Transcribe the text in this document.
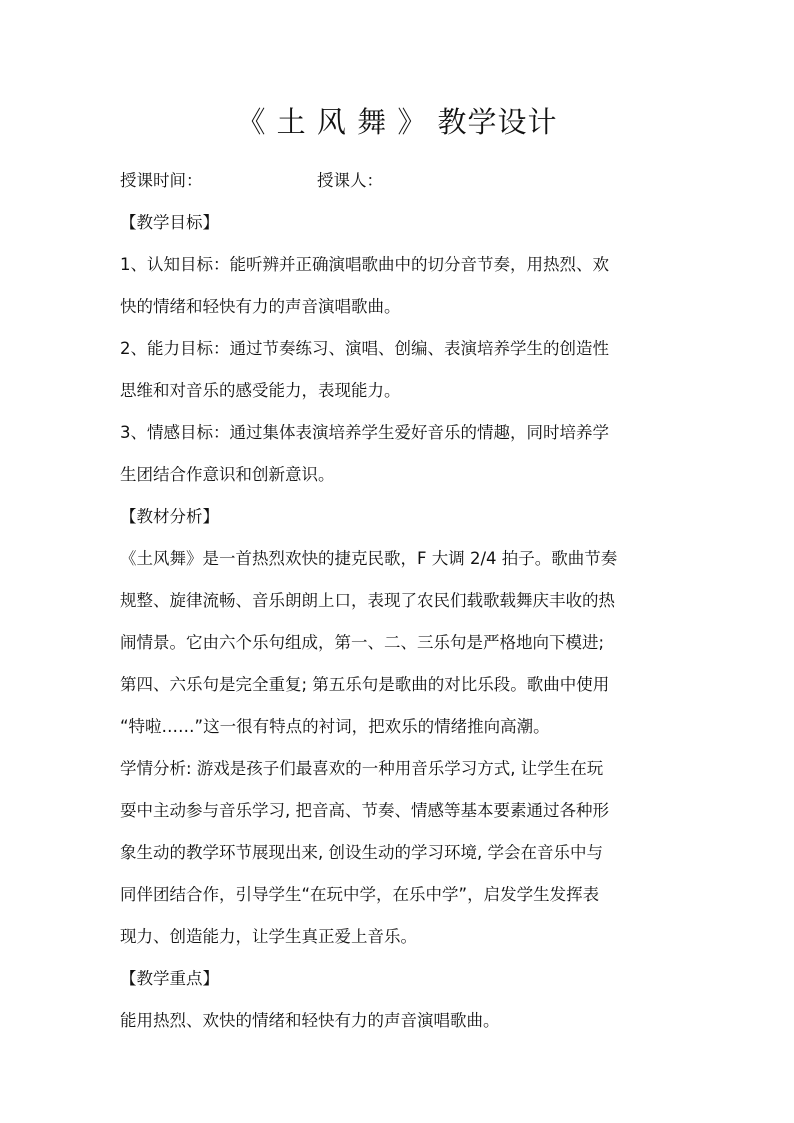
《 土 风 舞 》 教学设计
授课时间：	授课人：

【教学目标】

1、认知目标：能听辨并正确演唱歌曲中的切分音节奏，用热烈、欢

快的情绪和轻快有力的声音演唱歌曲。

2、能力目标：通过节奏练习、演唱、创编、表演培养学生的创造性

思维和对音乐的感受能力，表现能力。

3、情感目标：通过集体表演培养学生爱好音乐的情趣，同时培养学

生团结合作意识和创新意识。

【教材分析】

《土风舞》是一首热烈欢快的捷克民歌，F 大调 2/4 拍子。歌曲节奏

规整、旋律流畅、音乐朗朗上口，表现了农民们载歌载舞庆丰收的热

闹情景。它由六个乐句组成，第一、二、三乐句是严格地向下模进;

第四、六乐句是完全重复; 第五乐句是歌曲的对比乐段。歌曲中使用

“特啦……”这一很有特点的衬词，把欢乐的情绪推向高潮。

学情分析: 游戏是孩子们最喜欢的一种用音乐学习方式, 让学生在玩

耍中主动参与音乐学习, 把音高、节奏、情感等基本要素通过各种形

象生动的教学环节展现出来, 创设生动的学习环境, 学会在音乐中与

同伴团结合作，引导学生“在玩中学，在乐中学”，启发学生发挥表

现力、创造能力，让学生真正爱上音乐。

【教学重点】

能用热烈、欢快的情绪和轻快有力的声音演唱歌曲。
